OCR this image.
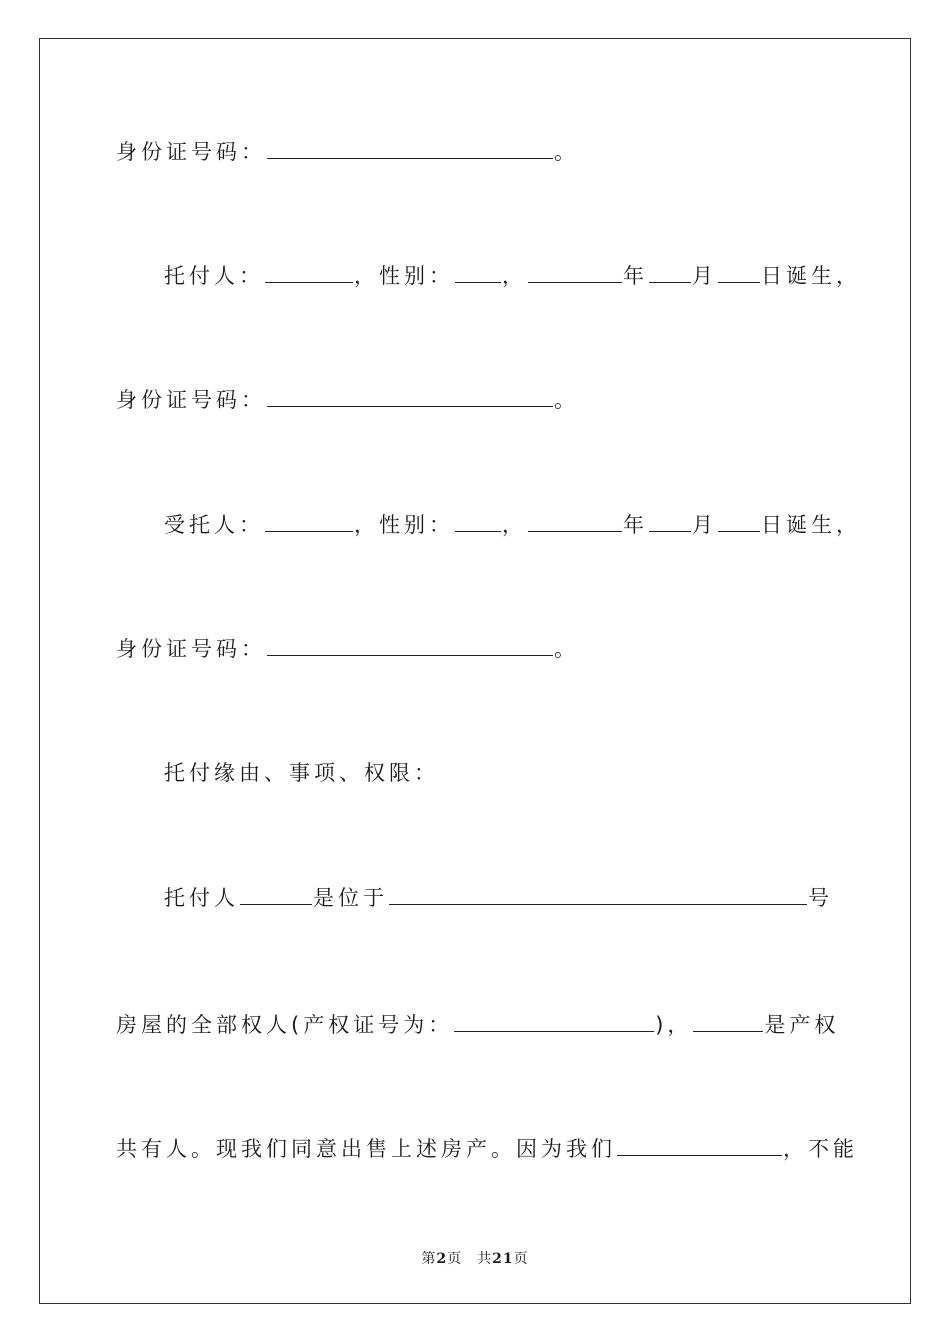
身份证号码：	。
托付人：	，性别： ，	年 月 日诞生，
身份证号码：	。
受托人：	，性别： ，	年 月 日诞生，
身份证号码：	。
托付缘由、事项、权限：
托付人	是位于	号
房屋的全部权人(产权证号为：	)，	是产权
共有人。现我们同意出售上述房产。因为我们	，不能
第2页　共21页
